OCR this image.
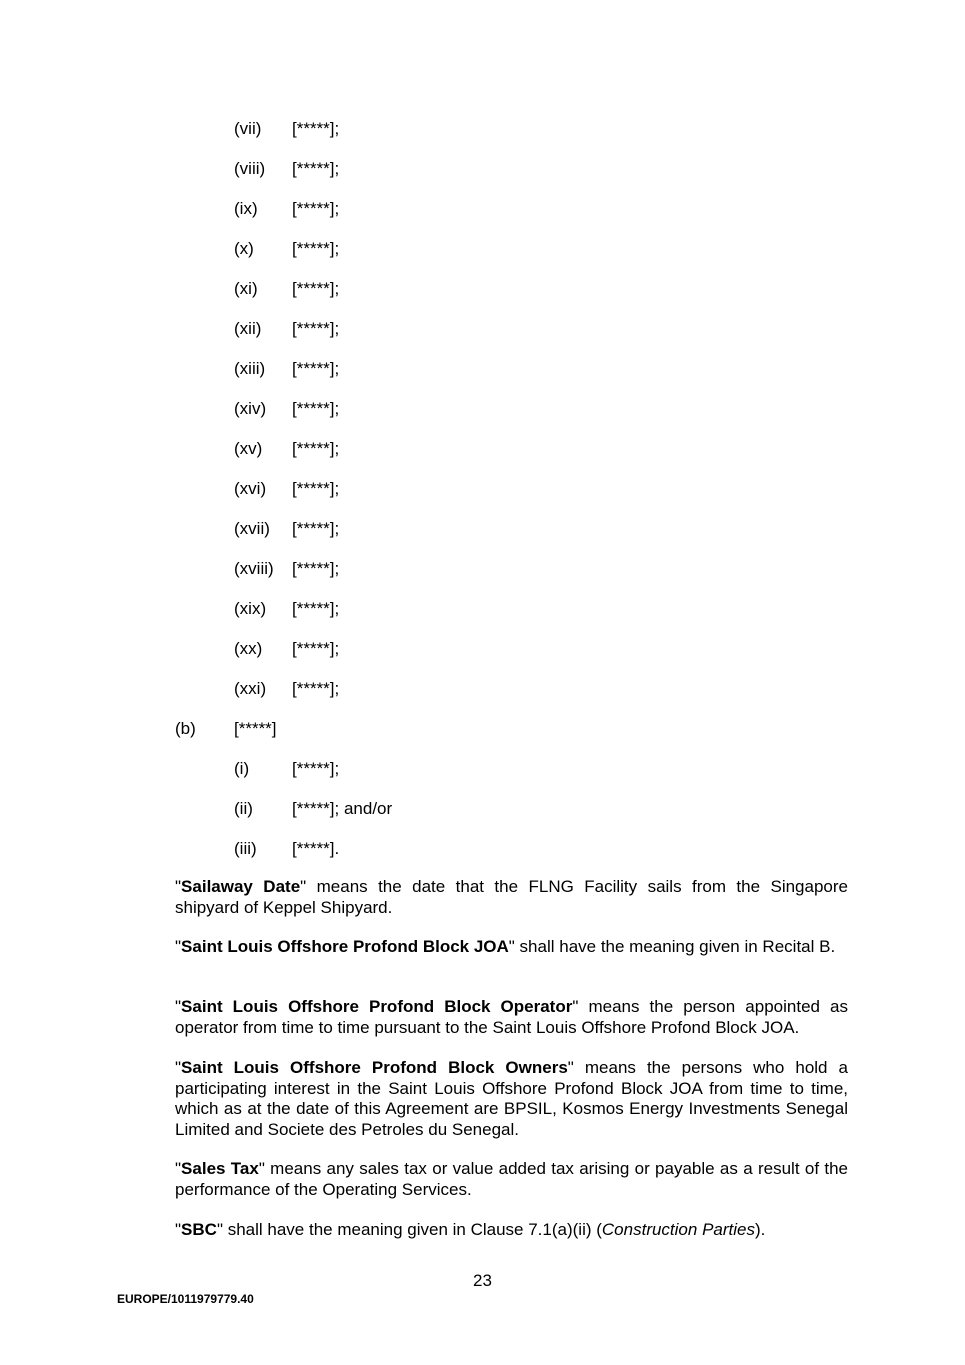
(vii) [*****];
(viii) [*****];
(ix) [*****];
(x) [*****];
(xi) [*****];
(xii) [*****];
(xiii) [*****];
(xiv) [*****];
(xv) [*****];
(xvi) [*****];
(xvii) [*****];
(xviii) [*****];
(xix) [*****];
(xx) [*****];
(xxi) [*****];
(b) [*****]
(i)	[*****];
(ii) [*****]; and/or
(iii) [*****].

"Sailaway Date" means the date that the FLNG Facility sails from the Singapore shipyard of Keppel Shipyard.

"Saint Louis Offshore Profond Block JOA" shall have the meaning given in Recital B.

"Saint Louis Offshore Profond Block Operator" means the person appointed as operator from time to time pursuant to the Saint Louis Offshore Profond Block JOA.

"Saint Louis Offshore Profond Block Owners" means the persons who hold a participating interest in the Saint Louis Offshore Profond Block JOA from time to time, which as at the date of this Agreement are BPSIL, Kosmos Energy Investments Senegal Limited and Societe des Petroles du Senegal.

"Sales Tax" means any sales tax or value added tax arising or payable as a result of the performance of the Operating Services.

"SBC" shall have the meaning given in Clause 7.1(a)(ii) (Construction Parties).

23
EUROPE/1011979779.40
